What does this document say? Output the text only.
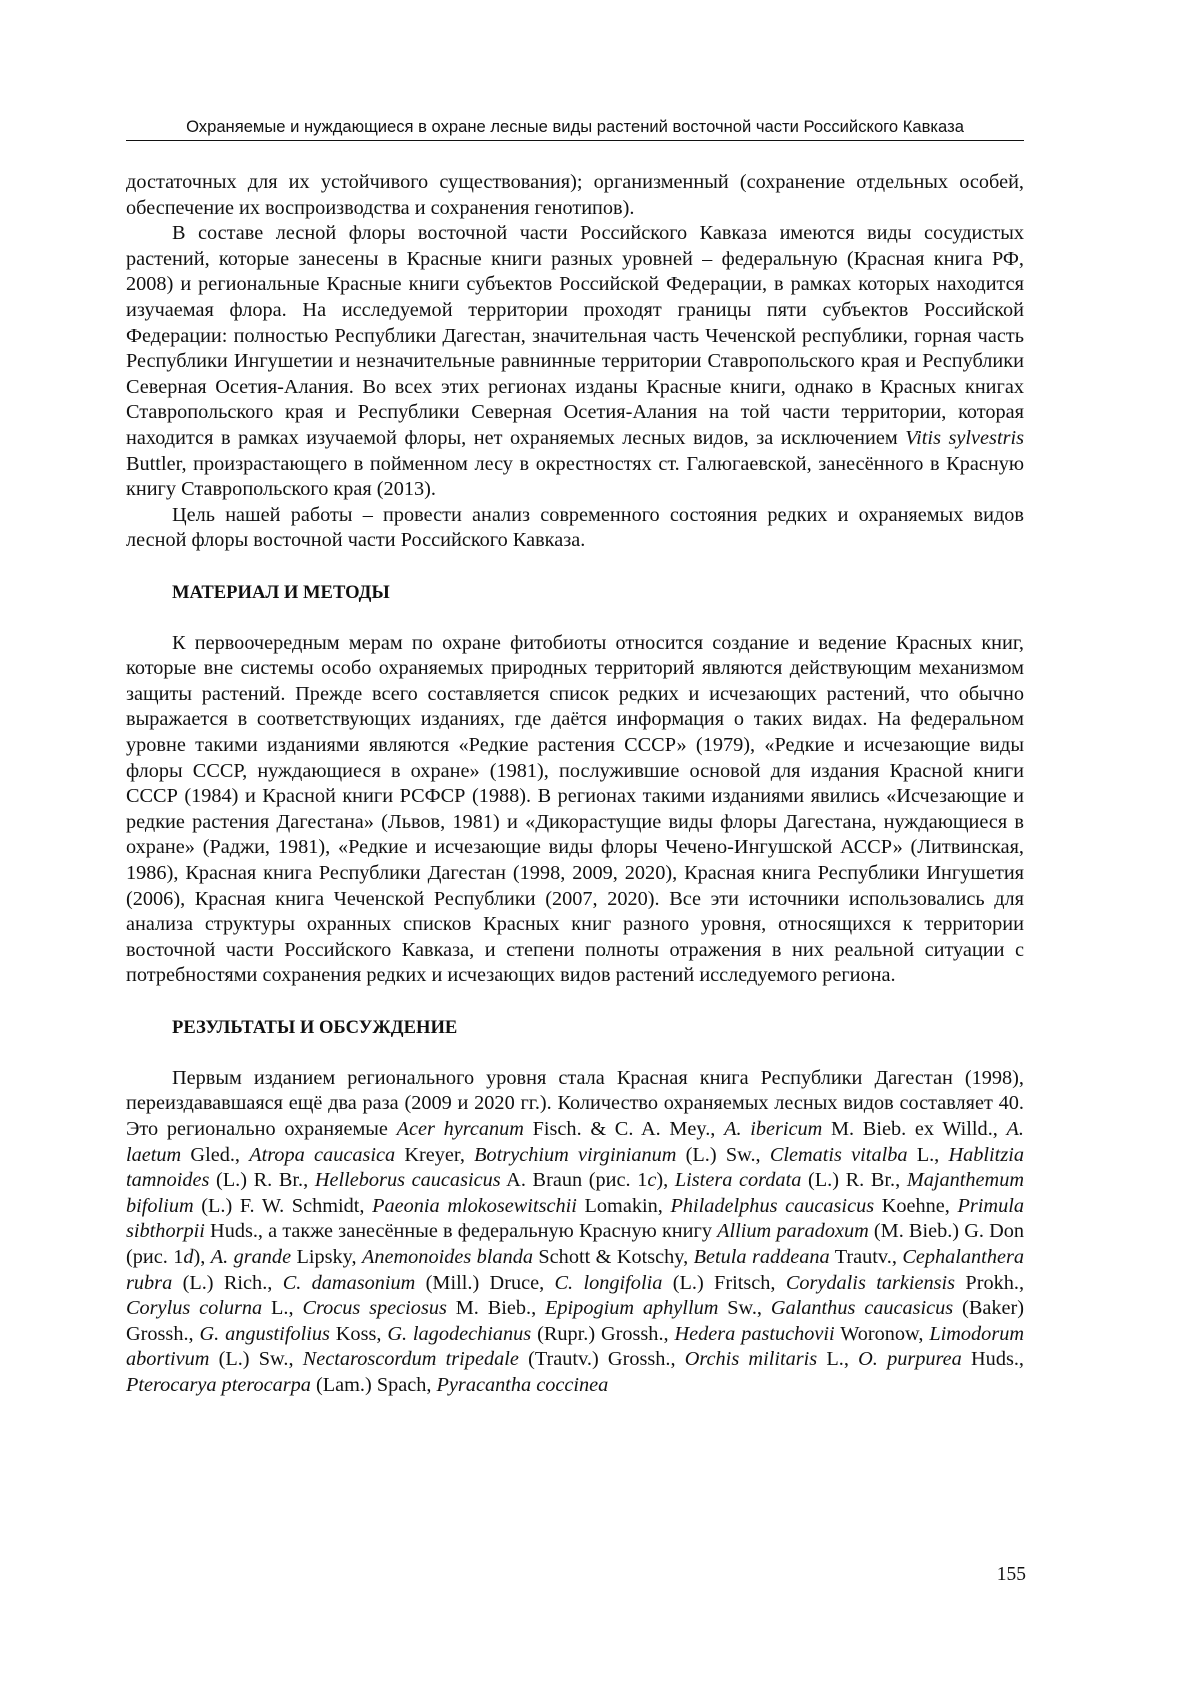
Охраняемые и нуждающиеся в охране лесные виды растений восточной части Российского Кавказа

достаточных для их устойчивого существования); организменный (сохранение отдельных особей, обеспечение их воспроизводства и сохранения генотипов).

В составе лесной флоры восточной части Российского Кавказа имеются виды сосудистых растений, которые занесены в Красные книги разных уровней – федеральную (Красная книга РФ, 2008) и региональные Красные книги субъектов Российской Федерации, в рамках которых находится изучаемая флора. На исследуемой территории проходят границы пяти субъектов Российской Федерации: полностью Республики Дагестан, значительная часть Чеченской республики, горная часть Республики Ингушетии и незначительные равнинные территории Ставропольского края и Республики Северная Осетия-Алания. Во всех этих регионах изданы Красные книги, однако в Красных книгах Ставропольского края и Республики Северная Осетия-Алания на той части территории, которая находится в рамках изучаемой флоры, нет охраняемых лесных видов, за исключением Vitis sylvestris Buttler, произрастающего в пойменном лесу в окрестностях ст. Галюгаевской, занесённого в Красную книгу Ставропольского края (2013).

Цель нашей работы – провести анализ современного состояния редких и охраняемых видов лесной флоры восточной части Российского Кавказа.

МАТЕРИАЛ И МЕТОДЫ

К первоочередным мерам по охране фитобиоты относится создание и ведение Красных книг, которые вне системы особо охраняемых природных территорий являются действующим механизмом защиты растений. Прежде всего составляется список редких и исчезающих растений, что обычно выражается в соответствующих изданиях, где даётся информация о таких видах. На федеральном уровне такими изданиями являются «Редкие растения СССР» (1979), «Редкие и исчезающие виды флоры СССР, нуждающиеся в охране» (1981), послужившие основой для издания Красной книги СССР (1984) и Красной книги РСФСР (1988). В регионах такими изданиями явились «Исчезающие и редкие растения Дагестана» (Львов, 1981) и «Дикорастущие виды флоры Дагестана, нуждающиеся в охране» (Раджи, 1981), «Редкие и исчезающие виды флоры Чечено-Ингушской АССР» (Литвинская, 1986), Красная книга Республики Дагестан (1998, 2009, 2020), Красная книга Республики Ингушетия (2006), Красная книга Чеченской Республики (2007, 2020). Все эти источники использовались для анализа структуры охранных списков Красных книг разного уровня, относящихся к территории восточной части Российского Кавказа, и степени полноты отражения в них реальной ситуации с потребностями сохранения редких и исчезающих видов растений исследуемого региона.

РЕЗУЛЬТАТЫ И ОБСУЖДЕНИЕ

Первым изданием регионального уровня стала Красная книга Республики Дагестан (1998), переиздававшаяся ещё два раза (2009 и 2020 гг.). Количество охраняемых лесных видов составляет 40. Это регионально охраняемые Acer hyrcanum Fisch. & C. A. Mey., A. ibericum M. Bieb. ex Willd., A. laetum Gled., Atropa caucasica Kreyer, Botrychium virginianum (L.) Sw., Clematis vitalba L., Hablitzia tamnoides (L.) R. Br., Helleborus caucasicus A. Braun (рис. 1c), Listera cordata (L.) R. Br., Majanthemum bifolium (L.) F. W. Schmidt, Paeonia mlokosewitschii Lomakin, Philadelphus caucasicus Koehne, Primula sibthorpii Huds., а также занесённые в федеральную Красную книгу Allium paradoxum (M. Bieb.) G. Don (рис. 1d), A. grande Lipsky, Anemonoides blanda Schott & Kotschy, Betula raddeana Trautv., Cephalanthera rubra (L.) Rich., C. damasonium (Mill.) Druce, C. longifolia (L.) Fritsch, Corydalis tarkiensis Prokh., Corylus colurna L., Crocus speciosus M. Bieb., Epipogium aphyllum Sw., Galanthus caucasicus (Baker) Grossh., G. angustifolius Koss, G. lagodechianus (Rupr.) Grossh., Hedera pastuchovii Woronow, Limodorum abortivum (L.) Sw., Nectaroscordum tripedale (Trautv.) Grossh., Orchis militaris L., O. purpurea Huds., Pterocarya pterocarpa (Lam.) Spach, Pyracantha coccinea

155
